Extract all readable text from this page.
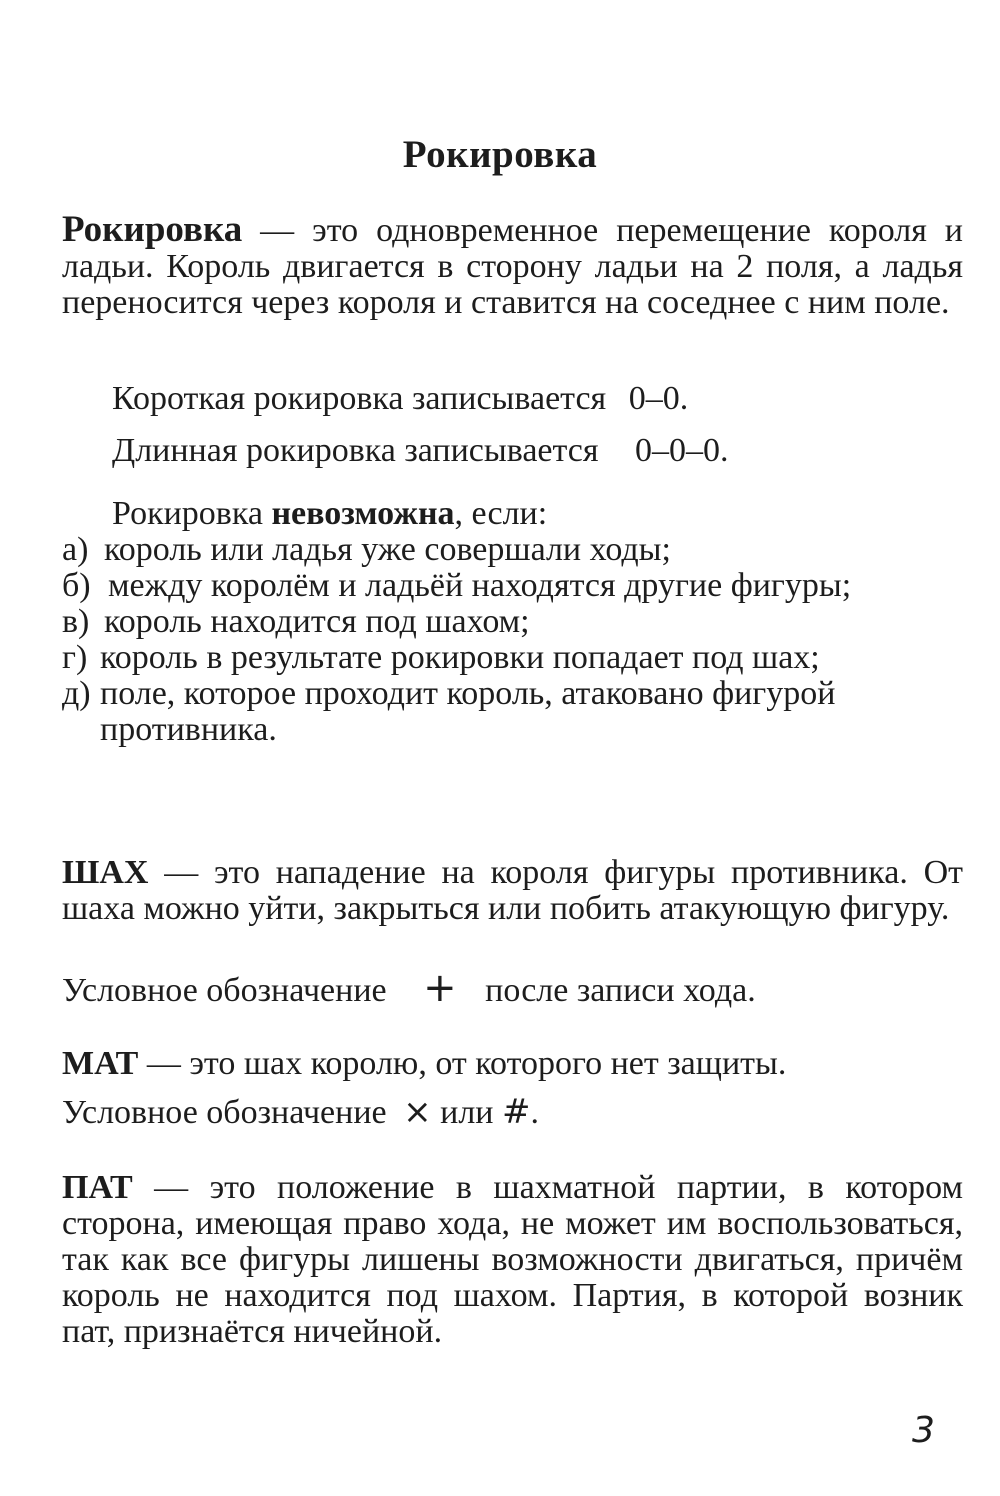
Рокировка
Рокировка — это одновременное перемещение короля и ладьи. Король двигается в сторону ладьи на 2 поля, а ладья переносится через короля и ставится на соседнее с ним поле.
Короткая рокировка записывается 0–0.
Длинная рокировка записывается 0–0–0.
Рокировка невозможна, если:
а) король или ладья уже совершали ходы;
б) между королём и ладьёй находятся другие фигуры;
в) король находится под шахом;
г) король в результате рокировки попадает под шах;
д) поле, которое проходит король, атаковано фигурой противника.
ШАХ — это нападение на короля фигуры противника. От шаха можно уйти, закрыться или побить атакующую фигуру.
Условное обозначение + после записи хода.
МАТ — это шах королю, от которого нет защиты.
Условное обозначение × или #.
ПАТ — это положение в шахматной партии, в котором сторона, имеющая право хода, не может им воспользоваться, так как все фигуры лишены возможности двигаться, причём король не находится под шахом. Партия, в которой возник пат, признаётся ничейной.
3
